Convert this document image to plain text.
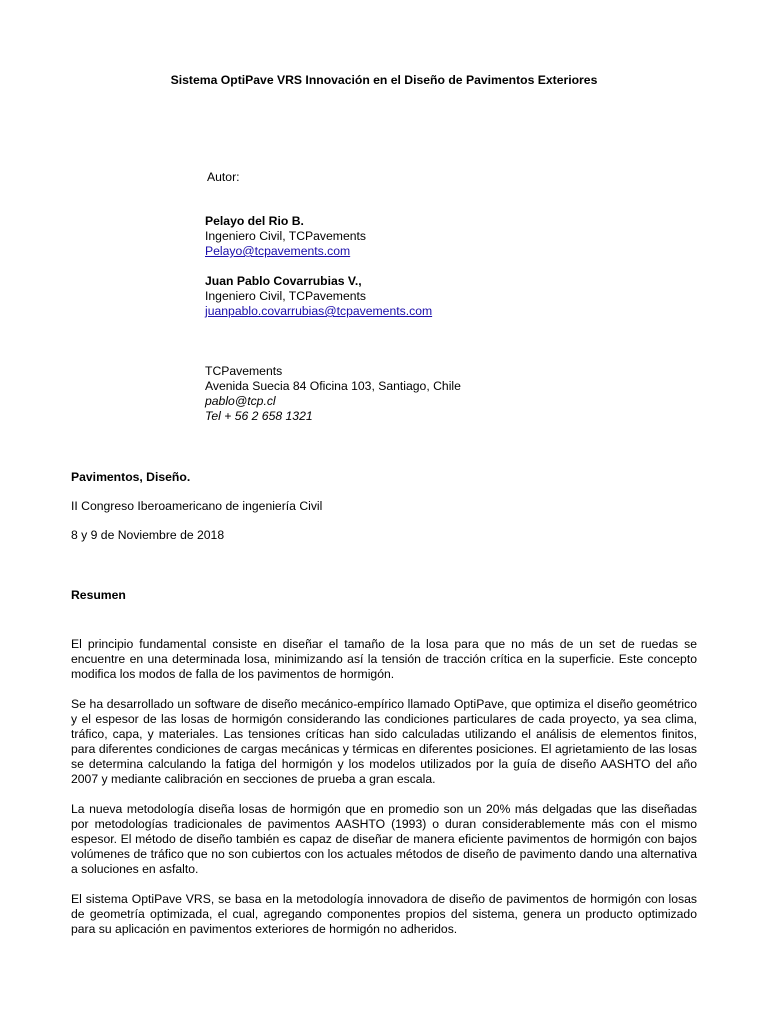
Sistema OptiPave VRS Innovación en el Diseño de Pavimentos Exteriores
Autor:
Pelayo del Rio B.
Ingeniero Civil, TCPavements
Pelayo@tcpavements.com
Juan Pablo Covarrubias V.,
Ingeniero Civil, TCPavements
juanpablo.covarrubias@tcpavements.com
TCPavements
Avenida Suecia 84 Oficina 103, Santiago, Chile
pablo@tcp.cl
Tel + 56 2 658 1321
Pavimentos, Diseño.
II Congreso Iberoamericano de ingeniería Civil
8 y 9 de Noviembre de 2018
Resumen

El principio fundamental consiste en diseñar el tamaño de la losa para que no más de un set de ruedas se encuentre en una determinada losa, minimizando así la tensión de tracción crítica en la superficie. Este concepto modifica los modos de falla de los pavimentos de hormigón.

Se ha desarrollado un software de diseño mecánico-empírico llamado OptiPave, que optimiza el diseño geométrico y el espesor de las losas de hormigón considerando las condiciones particulares de cada proyecto, ya sea clima, tráfico, capa, y materiales. Las tensiones críticas han sido calculadas utilizando el análisis de elementos finitos, para diferentes condiciones de cargas mecánicas y térmicas en diferentes posiciones. El agrietamiento de las losas se determina calculando la fatiga del hormigón y los modelos utilizados por la guía de diseño AASHTO del año 2007 y mediante calibración en secciones de prueba a gran escala.

La nueva metodología diseña losas de hormigón que en promedio son un 20% más delgadas que las diseñadas por metodologías tradicionales de pavimentos AASHTO (1993) o duran considerablemente más con el mismo espesor. El método de diseño también es capaz de diseñar de manera eficiente pavimentos de hormigón con bajos volúmenes de tráfico que no son cubiertos con los actuales métodos de diseño de pavimento dando una alternativa a soluciones en asfalto.

El sistema OptiPave VRS, se basa en la metodología innovadora de diseño de pavimentos de hormigón con losas de geometría optimizada, el cual, agregando componentes propios del sistema, genera un producto optimizado para su aplicación en pavimentos exteriores de hormigón no adheridos.
